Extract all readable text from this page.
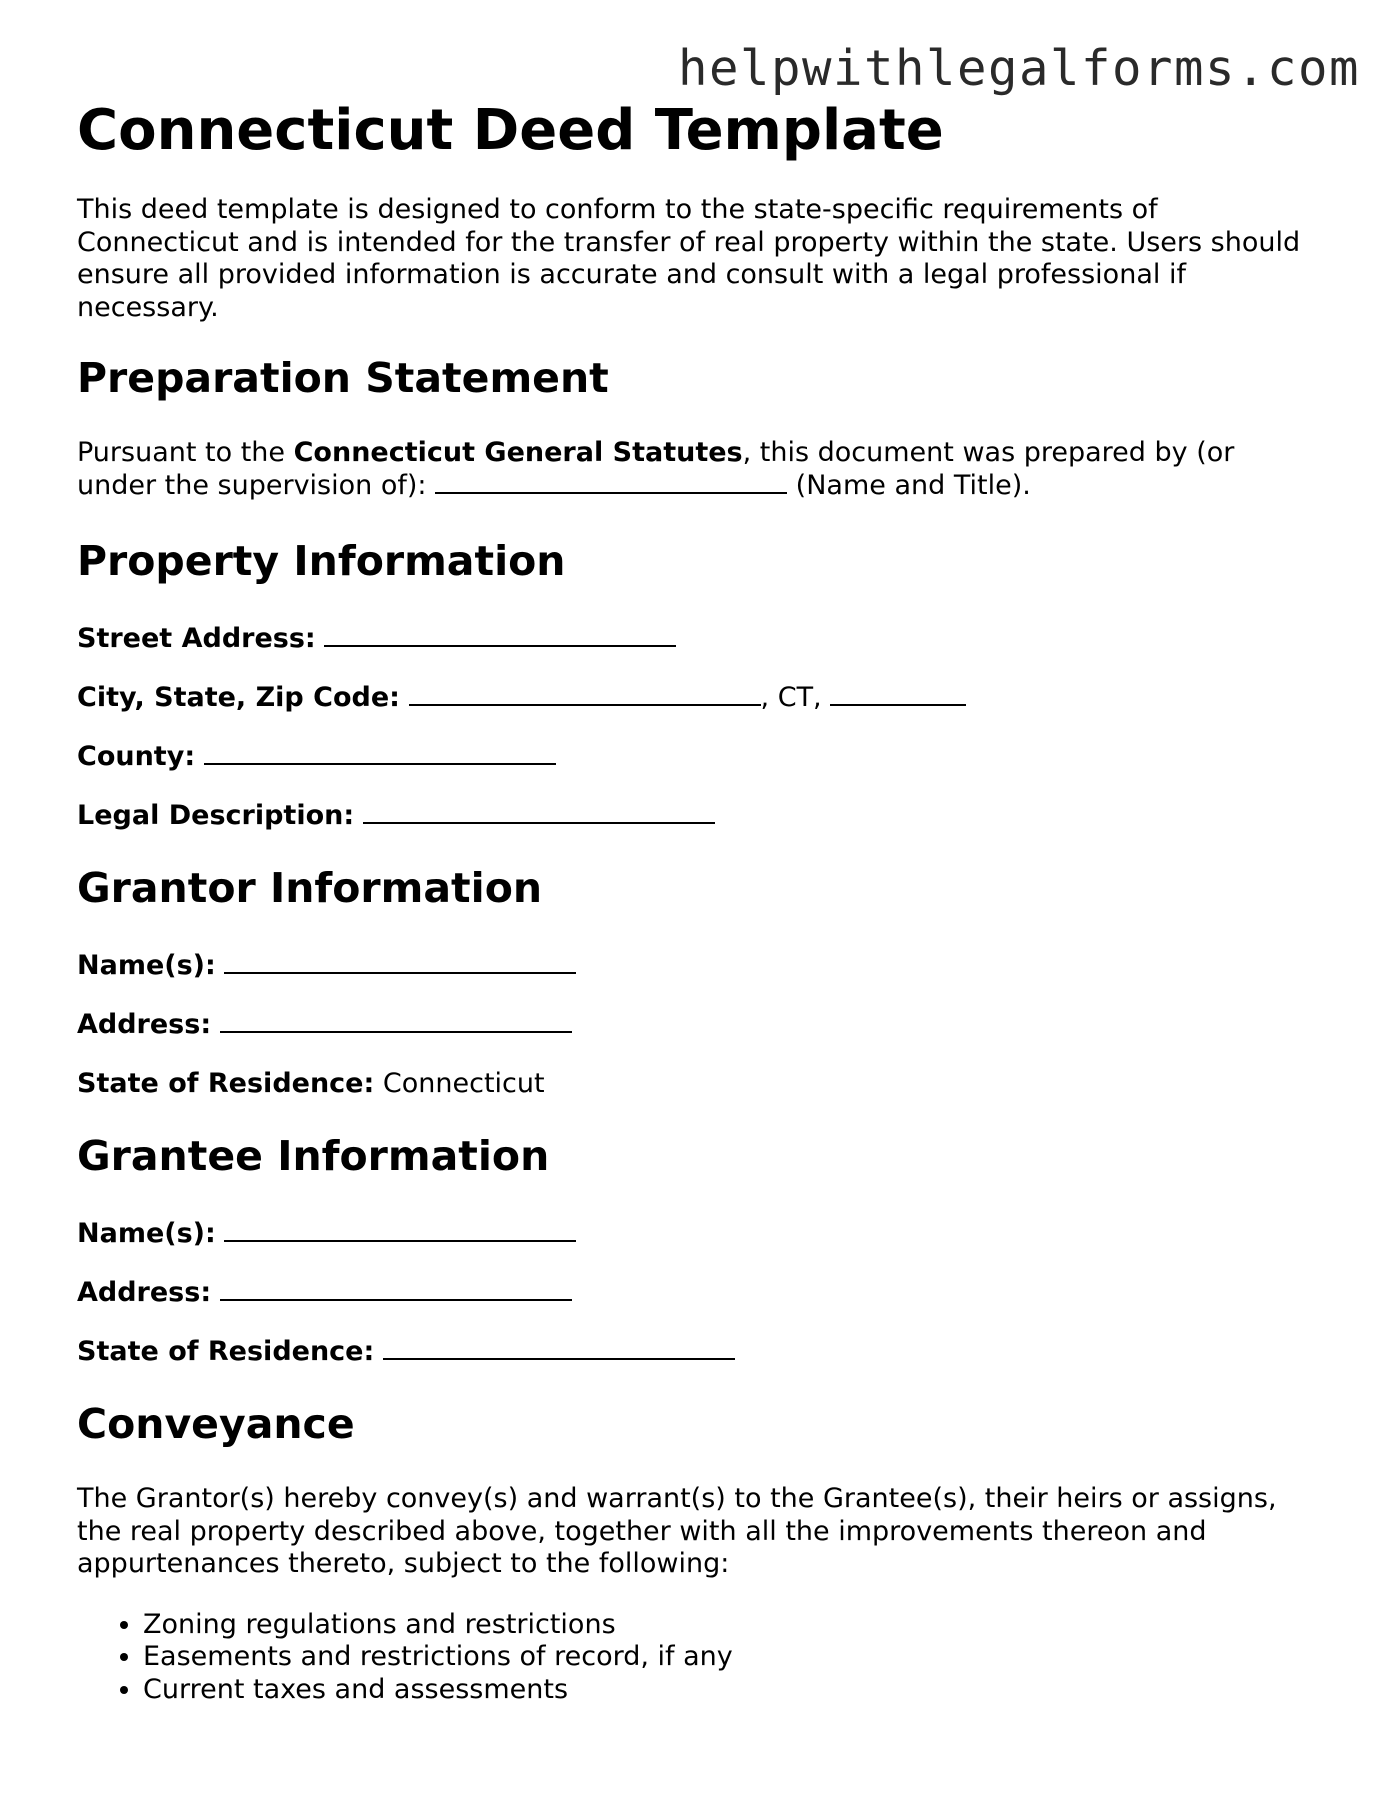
helpwithlegalforms.com
Connecticut Deed Template

This deed template is designed to conform to the state-specific requirements of Connecticut and is intended for the transfer of real property within the state. Users should ensure all provided information is accurate and consult with a legal professional if necessary.

Preparation Statement

Pursuant to the Connecticut General Statutes, this document was prepared by (or under the supervision of):	(Name and Title).

Property Information

Street Address:

City, State, Zip Code:	, CT,

County:

Legal Description:

Grantor Information

Name(s):

Address:

State of Residence: Connecticut

Grantee Information

Name(s):

Address:

State of Residence:

Conveyance

The Grantor(s) hereby convey(s) and warrant(s) to the Grantee(s), their heirs or assigns, the real property described above, together with all the improvements thereon and appurtenances thereto, subject to the following:

• Zoning regulations and restrictions
• Easements and restrictions of record, if any
• Current taxes and assessments
